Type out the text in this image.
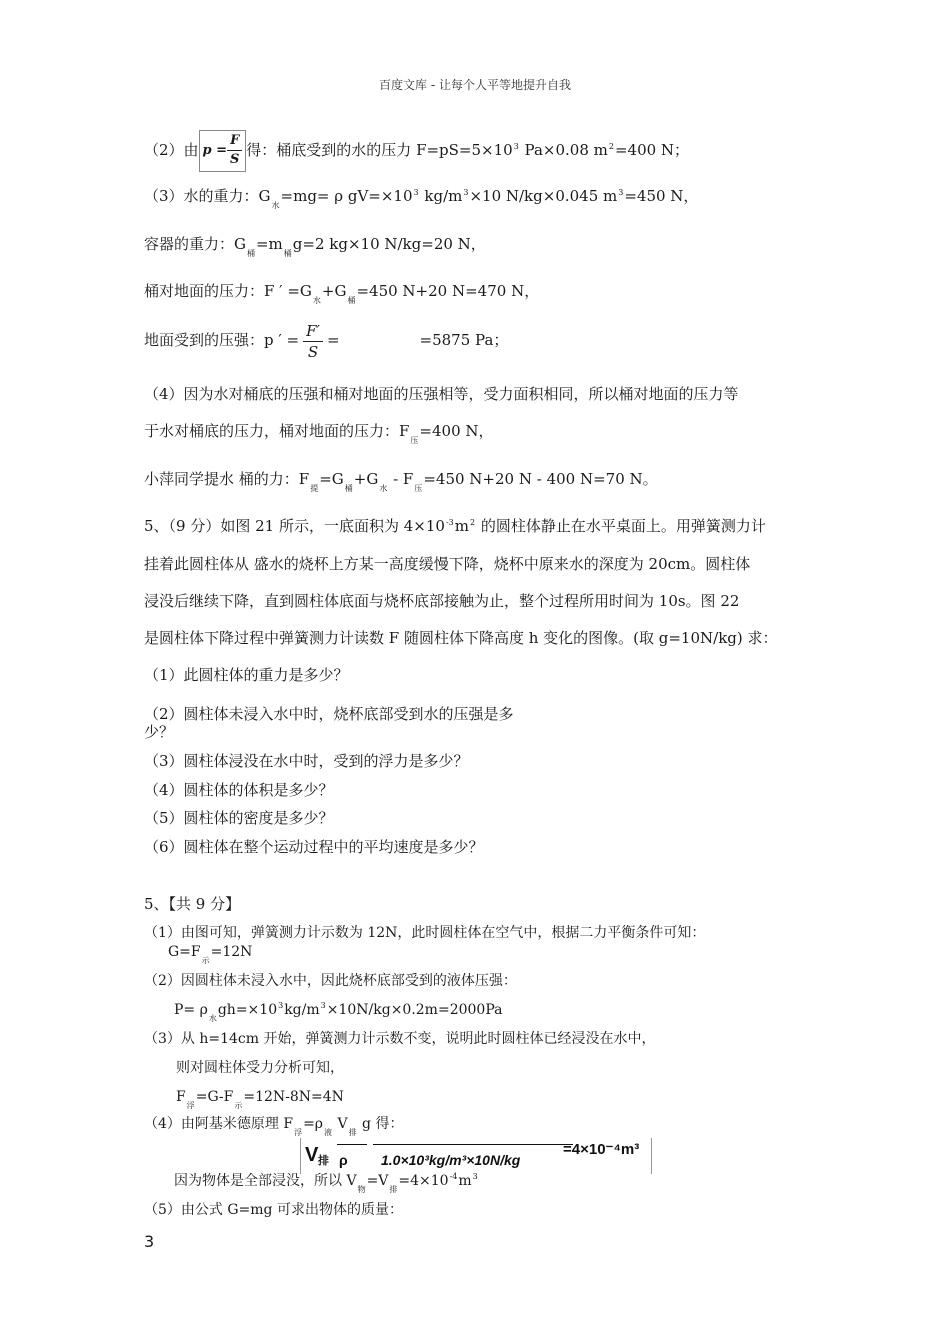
百度文库 - 让每个人平等地提升自我
（2）由 $p = \frac{F}{S}$ 得：桶底受到的水的压力 $F=pS=5\times 10^3$ Pa×0.08 $m^2=400$ N；
（3）水的重力：$G_水=mg= \rho$ $gV=\times 10^3$ $kg/m^3\times 10$ N/kg×0.045 $m^3=450$ N，
容器的重力：$G_桶=m_桶g=2$ kg×10 N/kg=20 N，
桶对地面的压力：F ′ $=G_水+G_桶=450$ N+20 N=470 N，
地面受到的压强：p ′ = $\frac{F'}{S}$ =	=5875 Pa；
（4）因为水对桶底的压强和桶对地面的压强相等，受力面积相同，所以桶对地面的压力等
于水对桶底的压力，桶对地面的压力：$F_压=400$ N，
小萍同学提水 桶的力：$F_提=G_桶+G_水 - F_压=450$ N+20 N - 400 N=70 N。
5、（9 分）如图 21 所示，一底面积为 $4\times 10^{-3}m^2$ 的圆柱体静止在水平桌面上。用弹簧测力计
挂着此圆柱体从 盛水的烧杯上方某一高度缓慢下降，烧杯中原来水的深度为 20cm。圆柱体
浸没后继续下降，直到圆柱体底面与烧杯底部接触为止，整个过程所用时间为 10s。图 22
是圆柱体下降过程中弹簧测力计读数 F 随圆柱体下降高度 h 变化的图像。(取 g=10N/kg) 求：
（1）此圆柱体的重力是多少？
（2）圆柱体未浸入水中时，烧杯底部受到水的压强是多
少？
（3）圆柱体浸没在水中时，受到的浮力是多少？
（4）圆柱体的体积是多少？
（5）圆柱体的密度是多少？
（6）圆柱体在整个运动过程中的平均速度是多少？
5、【共 9 分】
（1）由图可知，弹簧测力计示数为 12N，此时圆柱体在空气中，根据二力平衡条件可知：
$G=F_示=12N$
（2）因圆柱体未浸入水中，因此烧杯底部受到的液体压强：
$P= \rho_水gh=\times 10^3kg/m^3\times 10N/kg\times 0.2m=2000Pa$
（3）从 h=14cm 开始，弹簧测力计示数不变，说明此时圆柱体已经浸没在水中，
则对圆柱体受力分析可知，
$F_浮=G-F_示=12N-8N=4N$
（4）由阿基米德原理 $F_浮=\rho_液$ $V_排$ g 得：
V 排 ρ 1.0×10³kg/m³×10N/kg
=4×10⁻⁴m³
因为物体是全部浸没，所以 $V_物=V_排=4\times 10^{-4}m^3$
（5）由公式 G=mg 可求出物体的质量：
3
